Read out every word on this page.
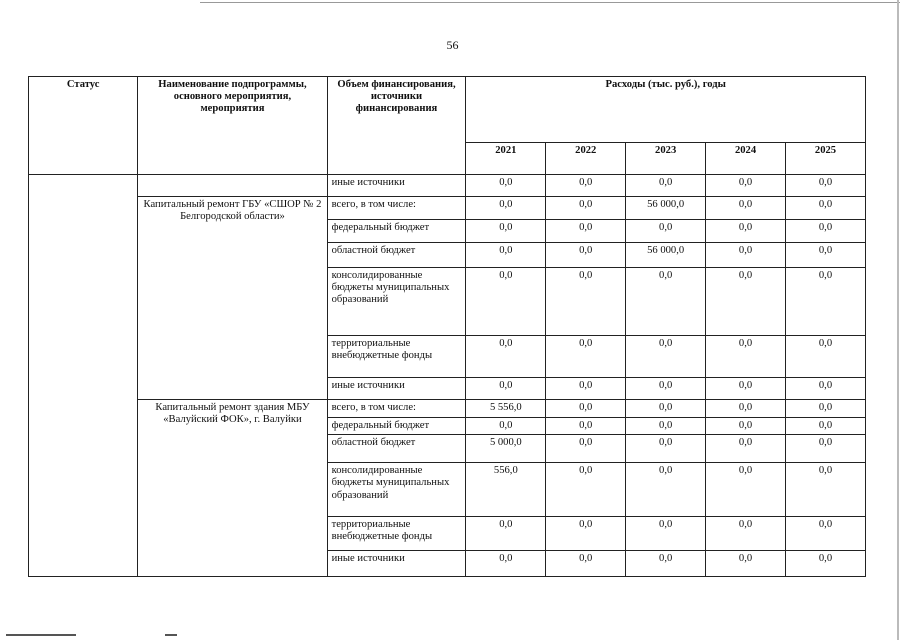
56
Статус	Наименование подпрограммы, основного мероприятия, мероприятия	Объем финансирования, источники финансирования	Расходы (тыс. руб.), годы				
			2021	2022	2023	2024	2025
		иные источники	0,0	0,0	0,0	0,0	0,0
	Капитальный ремонт ГБУ «СШОР № 2 Белгородской области»	всего, в том числе:	0,0	0,0	56 000,0	0,0	0,0
		федеральный бюджет	0,0	0,0	0,0	0,0	0,0
		областной бюджет	0,0	0,0	56 000,0	0,0	0,0
		консолидированные бюджеты муниципальных образований	0,0	0,0	0,0	0,0	0,0
		территориальные внебюджетные фонды	0,0	0,0	0,0	0,0	0,0
		иные источники	0,0	0,0	0,0	0,0	0,0
	Капитальный ремонт здания МБУ «Валуйский ФОК», г. Валуйки	всего, в том числе:	5 556,0	0,0	0,0	0,0	0,0
		федеральный бюджет	0,0	0,0	0,0	0,0	0,0
		областной бюджет	5 000,0	0,0	0,0	0,0	0,0
		консолидированные бюджеты муниципальных образований	556,0	0,0	0,0	0,0	0,0
		территориальные внебюджетные фонды	0,0	0,0	0,0	0,0	0,0
		иные источники	0,0	0,0	0,0	0,0	0,0
